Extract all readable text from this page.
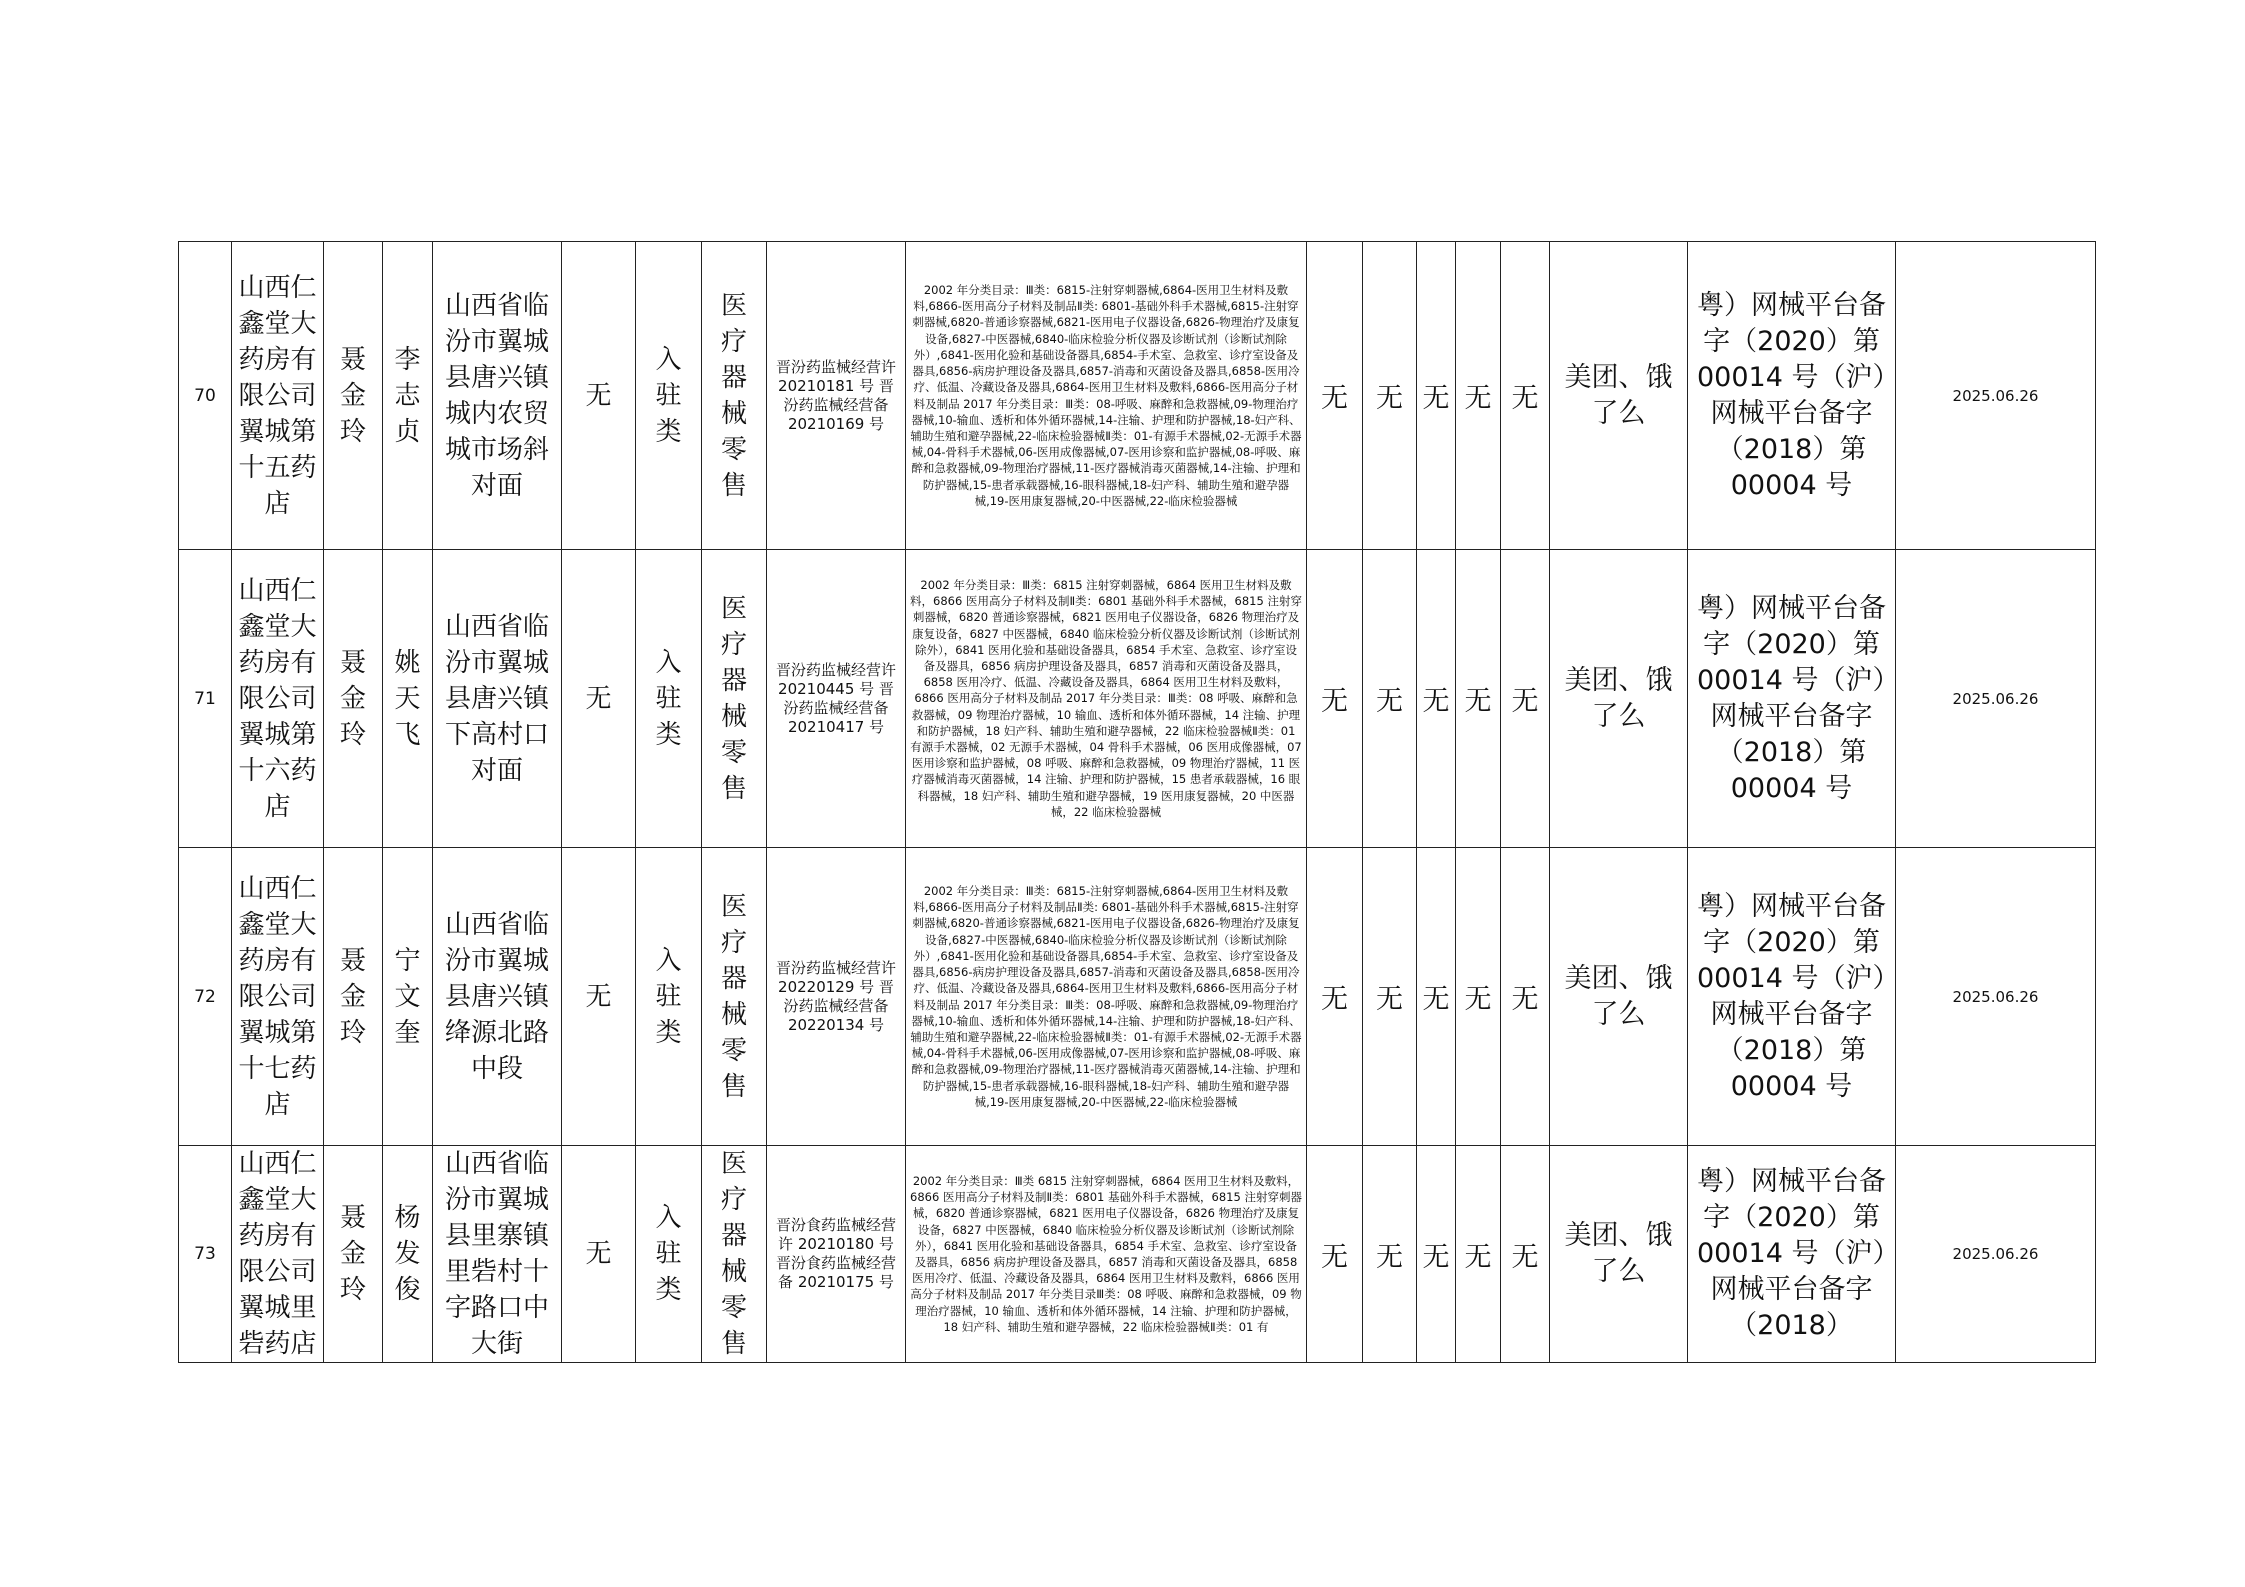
70	山西仁鑫堂大药房有限公司翼城第十五药店	聂金玲	李志贞	山西省临汾市翼城县唐兴镇城内农贸城市场斜对面	无	入驻类	医疗器械零售	晋汾药监械经营许 20210181 号 晋汾药监械经营备 20210169 号	2002 年分类目录：Ⅲ类：6815-注射穿刺器械,6864-医用卫生材料及敷料,6866-医用高分子材料及制品Ⅱ类: 6801-基础外科手术器械,6815-注射穿刺器械,6820-普通诊察器械,6821-医用电子仪器设备,6826-物理治疗及康复设备,6827-中医器械,6840-临床检验分析仪器及诊断试剂（诊断试剂除外）,6841-医用化验和基础设备器具,6854-手术室、急救室、诊疗室设备及器具,6856-病房护理设备及器具,6857-消毒和灭菌设备及器具,6858-医用冷疗、低温、冷藏设备及器具,6864-医用卫生材料及敷料,6866-医用高分子材料及制品 2017 年分类目录：Ⅲ类：08-呼吸、麻醉和急救器械,09-物理治疗器械,10-输血、透析和体外循环器械,14-注输、护理和防护器械,18-妇产科、辅助生殖和避孕器械,22-临床检验器械Ⅱ类：01-有源手术器械,02-无源手术器械,04-骨科手术器械,06-医用成像器械,07-医用诊察和监护器械,08-呼吸、麻醉和急救器械,09-物理治疗器械,11-医疗器械消毒灭菌器械,14-注输、护理和防护器械,15-患者承载器械,16-眼科器械,18-妇产科、辅助生殖和避孕器械,19-医用康复器械,20-中医器械,22-临床检验器械	无	无	无	无	无	美团、饿了么	粤）网械平台备字（2020）第 00014 号（沪）网械平台备字（2018）第 00004 号	2025.06.26
71	山西仁鑫堂大药房有限公司翼城第十六药店	聂金玲	姚天飞	山西省临汾市翼城县唐兴镇下高村口对面	无	入驻类	医疗器械零售	晋汾药监械经营许 20210445 号 晋汾药监械经营备 20210417 号	2002 年分类目录：Ⅲ类：6815 注射穿刺器械，6864 医用卫生材料及敷料，6866 医用高分子材料及制Ⅱ类：6801 基础外科手术器械，6815 注射穿刺器械，6820 普通诊察器械，6821 医用电子仪器设备，6826 物理治疗及康复设备，6827 中医器械，6840 临床检验分析仪器及诊断试剂（诊断试剂除外），6841 医用化验和基础设备器具，6854 手术室、急救室、诊疗室设备及器具，6856 病房护理设备及器具，6857 消毒和灭菌设备及器具，6858 医用冷疗、低温、冷藏设备及器具，6864 医用卫生材料及敷料，6866 医用高分子材料及制品 2017 年分类目录：Ⅲ类：08 呼吸、麻醉和急救器械，09 物理治疗器械，10 输血、透析和体外循环器械，14 注输、护理和防护器械，18 妇产科、辅助生殖和避孕器械，22 临床检验器械Ⅱ类：01 有源手术器械，02 无源手术器械，04 骨科手术器械，06 医用成像器械，07 医用诊察和监护器械，08 呼吸、麻醉和急救器械，09 物理治疗器械，11 医疗器械消毒灭菌器械，14 注输、护理和防护器械，15 患者承载器械，16 眼科器械，18 妇产科、辅助生殖和避孕器械，19 医用康复器械，20 中医器械，22 临床检验器械	无	无	无	无	无	美团、饿了么	粤）网械平台备字（2020）第 00014 号（沪）网械平台备字（2018）第 00004 号	2025.06.26
72	山西仁鑫堂大药房有限公司翼城第十七药店	聂金玲	宁文奎	山西省临汾市翼城县唐兴镇绛源北路中段	无	入驻类	医疗器械零售	晋汾药监械经营许 20220129 号 晋汾药监械经营备 20220134 号	2002 年分类目录：Ⅲ类：6815-注射穿刺器械,6864-医用卫生材料及敷料,6866-医用高分子材料及制品Ⅱ类: 6801-基础外科手术器械,6815-注射穿刺器械,6820-普通诊察器械,6821-医用电子仪器设备,6826-物理治疗及康复设备,6827-中医器械,6840-临床检验分析仪器及诊断试剂（诊断试剂除外）,6841-医用化验和基础设备器具,6854-手术室、急救室、诊疗室设备及器具,6856-病房护理设备及器具,6857-消毒和灭菌设备及器具,6858-医用冷疗、低温、冷藏设备及器具,6864-医用卫生材料及敷料,6866-医用高分子材料及制品 2017 年分类目录：Ⅲ类：08-呼吸、麻醉和急救器械,09-物理治疗器械,10-输血、透析和体外循环器械,14-注输、护理和防护器械,18-妇产科、辅助生殖和避孕器械,22-临床检验器械Ⅱ类：01-有源手术器械,02-无源手术器械,04-骨科手术器械,06-医用成像器械,07-医用诊察和监护器械,08-呼吸、麻醉和急救器械,09-物理治疗器械,11-医疗器械消毒灭菌器械,14-注输、护理和防护器械,15-患者承载器械,16-眼科器械,18-妇产科、辅助生殖和避孕器械,19-医用康复器械,20-中医器械,22-临床检验器械	无	无	无	无	无	美团、饿了么	粤）网械平台备字（2020）第 00014 号（沪）网械平台备字（2018）第 00004 号	2025.06.26
73	山西仁鑫堂大药房有限公司翼城里砦药店	聂金玲	杨发俊	山西省临汾市翼城县里寨镇里砦村十字路口中大街	无	入驻类	医疗器械零售	晋汾食药监械经营许 20210180 号晋汾食药监械经营备 20210175 号	2002 年分类目录：Ⅲ类 6815 注射穿刺器械，6864 医用卫生材料及敷料，6866 医用高分子材料及制Ⅱ类：6801 基础外科手术器械，6815 注射穿刺器械，6820 普通诊察器械，6821 医用电子仪器设备，6826 物理治疗及康复设备，6827 中医器械，6840 临床检验分析仪器及诊断试剂（诊断试剂除外），6841 医用化验和基础设备器具，6854 手术室、急救室、诊疗室设备及器具，6856 病房护理设备及器具，6857 消毒和灭菌设备及器具，6858 医用冷疗、低温、冷藏设备及器具，6864 医用卫生材料及敷料，6866 医用高分子材料及制品 2017 年分类目录Ⅲ类：08 呼吸、麻醉和急救器械，09 物理治疗器械，10 输血、透析和体外循环器械，14 注输、护理和防护器械，18 妇产科、辅助生殖和避孕器械，22 临床检验器械Ⅱ类：01 有	无	无	无	无	无	美团、饿了么	粤）网械平台备字（2020）第 00014 号（沪）网械平台备字（2018）	2025.06.26
